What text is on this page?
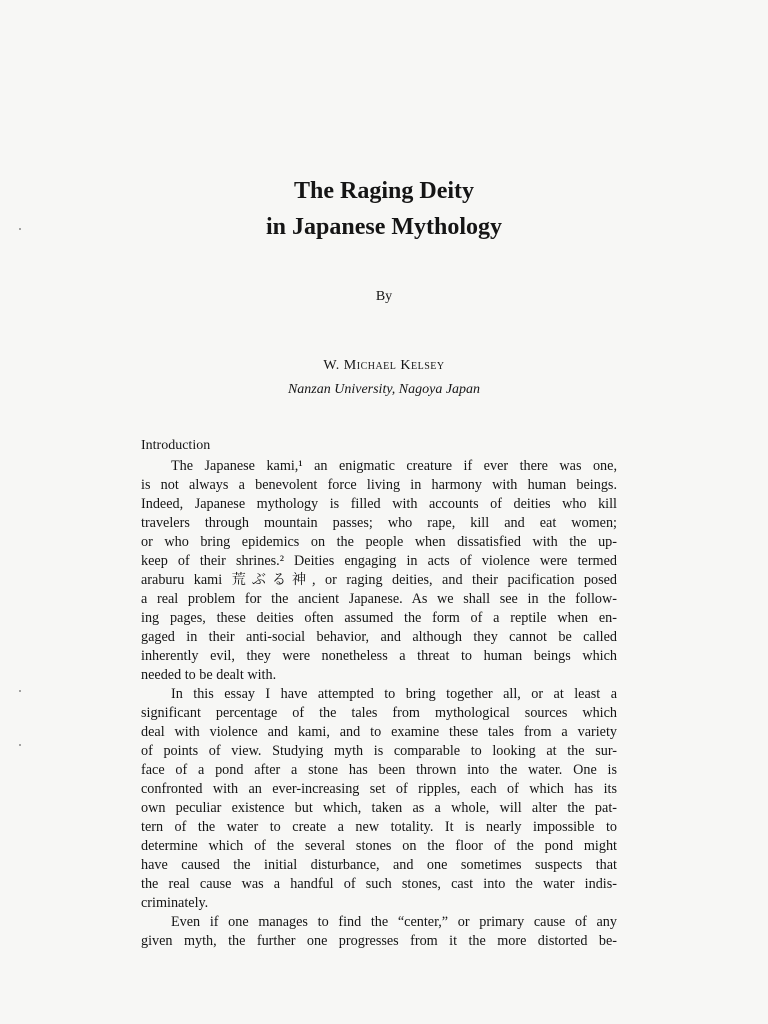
The Raging Deity
in Japanese Mythology
By
W. Michael Kelsey
Nanzan University, Nagoya Japan
Introduction
The Japanese kami,¹ an enigmatic creature if ever there was one,
is not always a benevolent force living in harmony with human beings.
Indeed, Japanese mythology is filled with accounts of deities who kill
travelers through mountain passes; who rape, kill and eat women;
or who bring epidemics on the people when dissatisfied with the up-
keep of their shrines.² Deities engaging in acts of violence were termed
araburu kami 荒ぶる神, or raging deities, and their pacification posed
a real problem for the ancient Japanese. As we shall see in the follow-
ing pages, these deities often assumed the form of a reptile when en-
gaged in their anti-social behavior, and although they cannot be called
inherently evil, they were nonetheless a threat to human beings which
needed to be dealt with.
In this essay I have attempted to bring together all, or at least a
significant percentage of the tales from mythological sources which
deal with violence and kami, and to examine these tales from a variety
of points of view. Studying myth is comparable to looking at the sur-
face of a pond after a stone has been thrown into the water. One is
confronted with an ever-increasing set of ripples, each of which has its
own peculiar existence but which, taken as a whole, will alter the pat-
tern of the water to create a new totality. It is nearly impossible to
determine which of the several stones on the floor of the pond might
have caused the initial disturbance, and one sometimes suspects that
the real cause was a handful of such stones, cast into the water indis-
criminately.
Even if one manages to find the “center,” or primary cause of any
given myth, the further one progresses from it the more distorted be-
